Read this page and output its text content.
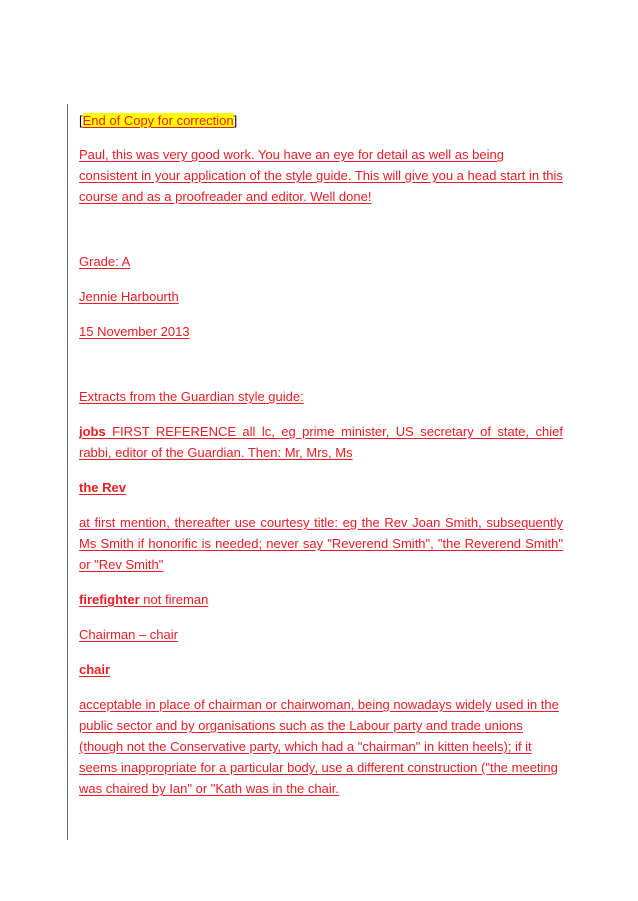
[End of Copy for correction]

Paul, this was very good work. You have an eye for detail as well as being consistent in your application of the style guide. This will give you a head start in this course and as a proofreader and editor. Well done!

Grade: A

Jennie Harbourth

15 November 2013

Extracts from the Guardian style guide:

jobs FIRST REFERENCE all lc, eg prime minister, US secretary of state, chief rabbi, editor of the Guardian. Then: Mr, Mrs, Ms

the Rev

at first mention, thereafter use courtesy title: eg the Rev Joan Smith, subsequently Ms Smith if honorific is needed; never say "Reverend Smith", "the Reverend Smith" or "Rev Smith"

firefighter not fireman

Chairman – chair

chair

acceptable in place of chairman or chairwoman, being nowadays widely used in the public sector and by organisations such as the Labour party and trade unions (though not the Conservative party, which had a "chairman" in kitten heels); if it seems inappropriate for a particular body, use a different construction ("the meeting was chaired by Ian" or "Kath was in the chair.
